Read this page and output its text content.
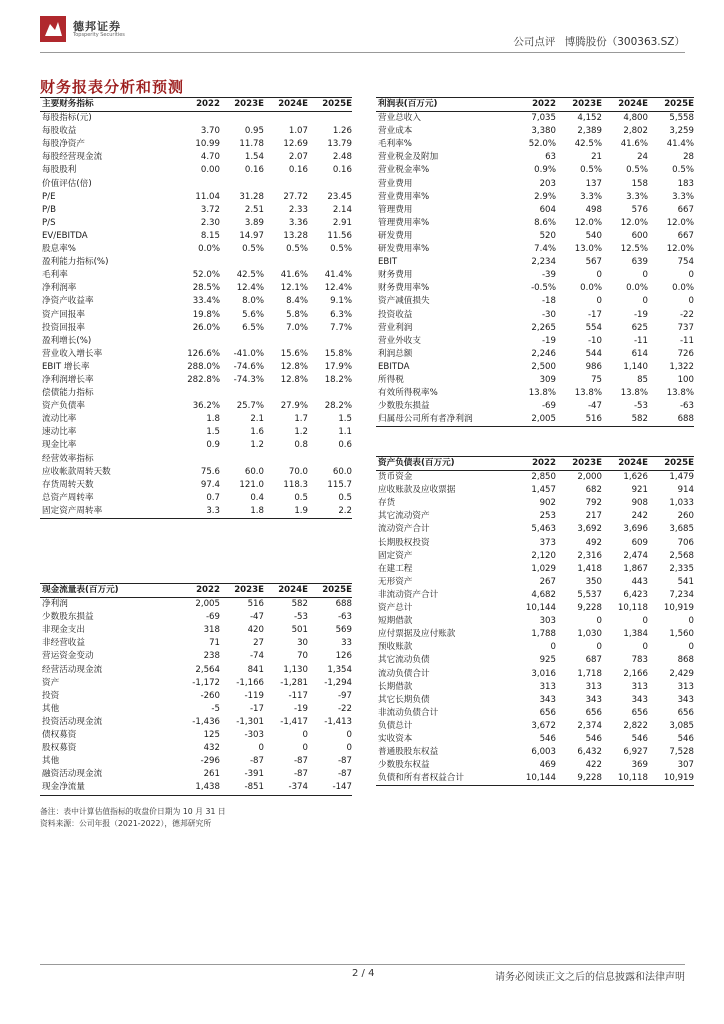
德邦证券
Topsperity Securities
公司点评 博腾股份（300363.SZ）
财务报表分析和预测
主要财务指标	2022	2023E	2024E	2025E
每股指标(元)				
每股收益	3.70	0.95	1.07	1.26
每股净资产	10.99	11.78	12.69	13.79
每股经营现金流	4.70	1.54	2.07	2.48
每股股利	0.00	0.16	0.16	0.16
价值评估(倍)				
P/E	11.04	31.28	27.72	23.45
P/B	3.72	2.51	2.33	2.14
P/S	2.30	3.89	3.36	2.91
EV/EBITDA	8.15	14.97	13.28	11.56
股息率%	0.0%	0.5%	0.5%	0.5%
盈利能力指标(%)				
毛利率	52.0%	42.5%	41.6%	41.4%
净利润率	28.5%	12.4%	12.1%	12.4%
净资产收益率	33.4%	8.0%	8.4%	9.1%
资产回报率	19.8%	5.6%	5.8%	6.3%
投资回报率	26.0%	6.5%	7.0%	7.7%
盈利增长(%)				
营业收入增长率	126.6%	-41.0%	15.6%	15.8%
EBIT 增长率	288.0%	-74.6%	12.8%	17.9%
净利润增长率	282.8%	-74.3%	12.8%	18.2%
偿债能力指标				
资产负债率	36.2%	25.7%	27.9%	28.2%
流动比率	1.8	2.1	1.7	1.5
速动比率	1.5	1.6	1.2	1.1
现金比率	0.9	1.2	0.8	0.6
经营效率指标				
应收帐款周转天数	75.6	60.0	70.0	60.0
存货周转天数	97.4	121.0	118.3	115.7
总资产周转率	0.7	0.4	0.5	0.5
固定资产周转率	3.3	1.8	1.9	2.2
现金流量表(百万元)	2022	2023E	2024E	2025E
净利润	2,005	516	582	688
少数股东损益	-69	-47	-53	-63
非现金支出	318	420	501	569
非经营收益	71	27	30	33
营运资金变动	238	-74	70	126
经营活动现金流	2,564	841	1,130	1,354
资产	-1,172	-1,166	-1,281	-1,294
投资	-260	-119	-117	-97
其他	-5	-17	-19	-22
投资活动现金流	-1,436	-1,301	-1,417	-1,413
债权募资	125	-303	0	0
股权募资	432	0	0	0
其他	-296	-87	-87	-87
融资活动现金流	261	-391	-87	-87
现金净流量	1,438	-851	-374	-147
利润表(百万元)	2022	2023E	2024E	2025E
营业总收入	7,035	4,152	4,800	5,558
营业成本	3,380	2,389	2,802	3,259
毛利率%	52.0%	42.5%	41.6%	41.4%
营业税金及附加	63	21	24	28
营业税金率%	0.9%	0.5%	0.5%	0.5%
营业费用	203	137	158	183
营业费用率%	2.9%	3.3%	3.3%	3.3%
管理费用	604	498	576	667
管理费用率%	8.6%	12.0%	12.0%	12.0%
研发费用	520	540	600	667
研发费用率%	7.4%	13.0%	12.5%	12.0%
EBIT	2,234	567	639	754
财务费用	-39	0	0	0
财务费用率%	-0.5%	0.0%	0.0%	0.0%
资产减值损失	-18	0	0	0
投资收益	-30	-17	-19	-22
营业利润	2,265	554	625	737
营业外收支	-19	-10	-11	-11
利润总额	2,246	544	614	726
EBITDA	2,500	986	1,140	1,322
所得税	309	75	85	100
有效所得税率%	13.8%	13.8%	13.8%	13.8%
少数股东损益	-69	-47	-53	-63
归属母公司所有者净利润	2,005	516	582	688
资产负债表(百万元)	2022	2023E	2024E	2025E
货币资金	2,850	2,000	1,626	1,479
应收账款及应收票据	1,457	682	921	914
存货	902	792	908	1,033
其它流动资产	253	217	242	260
流动资产合计	5,463	3,692	3,696	3,685
长期股权投资	373	492	609	706
固定资产	2,120	2,316	2,474	2,568
在建工程	1,029	1,418	1,867	2,335
无形资产	267	350	443	541
非流动资产合计	4,682	5,537	6,423	7,234
资产总计	10,144	9,228	10,118	10,919
短期借款	303	0	0	0
应付票据及应付账款	1,788	1,030	1,384	1,560
预收账款	0	0	0	0
其它流动负债	925	687	783	868
流动负债合计	3,016	1,718	2,166	2,429
长期借款	313	313	313	313
其它长期负债	343	343	343	343
非流动负债合计	656	656	656	656
负债总计	3,672	2,374	2,822	3,085
实收资本	546	546	546	546
普通股股东权益	6,003	6,432	6,927	7,528
少数股东权益	469	422	369	307
负债和所有者权益合计	10,144	9,228	10,118	10,919
备注：表中计算估值指标的收盘价日期为 10 月 31 日
资料来源：公司年报（2021-2022），德邦研究所
2 / 4	请务必阅读正文之后的信息披露和法律声明
